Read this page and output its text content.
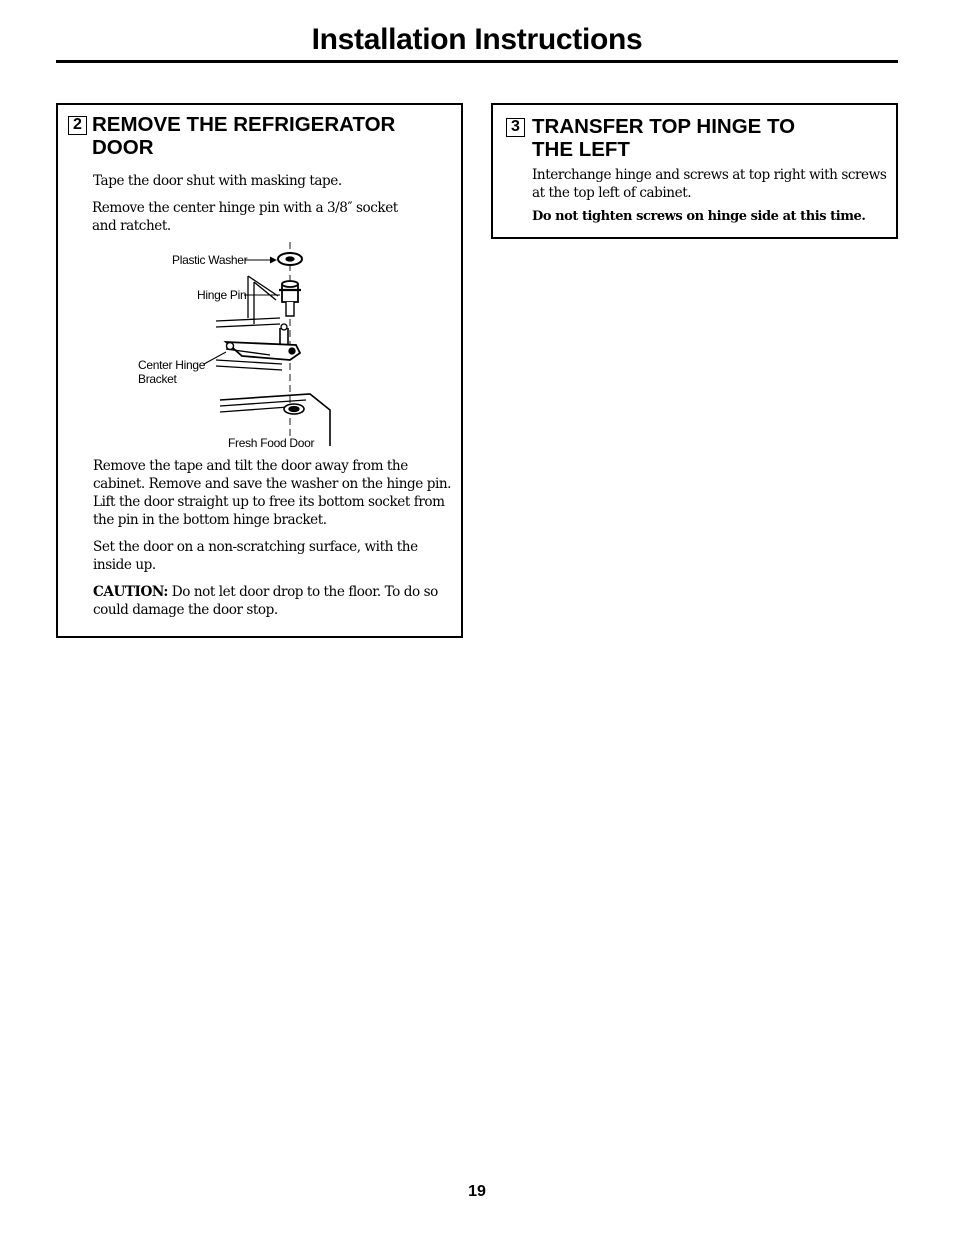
Installation Instructions
2 REMOVE THE REFRIGERATOR
DOOR
Tape the door shut with masking tape.
Remove the center hinge pin with a 3/8″ socket
and ratchet.
Plastic Washer
Hinge Pin
Center Hinge
Bracket
Fresh Food Door
Remove the tape and tilt the door away from the
cabinet. Remove and save the washer on the hinge pin.
Lift the door straight up to free its bottom socket from
the pin in the bottom hinge bracket.
Set the door on a non-scratching surface, with the
inside up.
CAUTION: Do not let door drop to the floor. To do so
could damage the door stop.
3 TRANSFER TOP HINGE TO
THE LEFT
Interchange hinge and screws at top right with screws
at the top left of cabinet.
Do not tighten screws on hinge side at this time.
19
